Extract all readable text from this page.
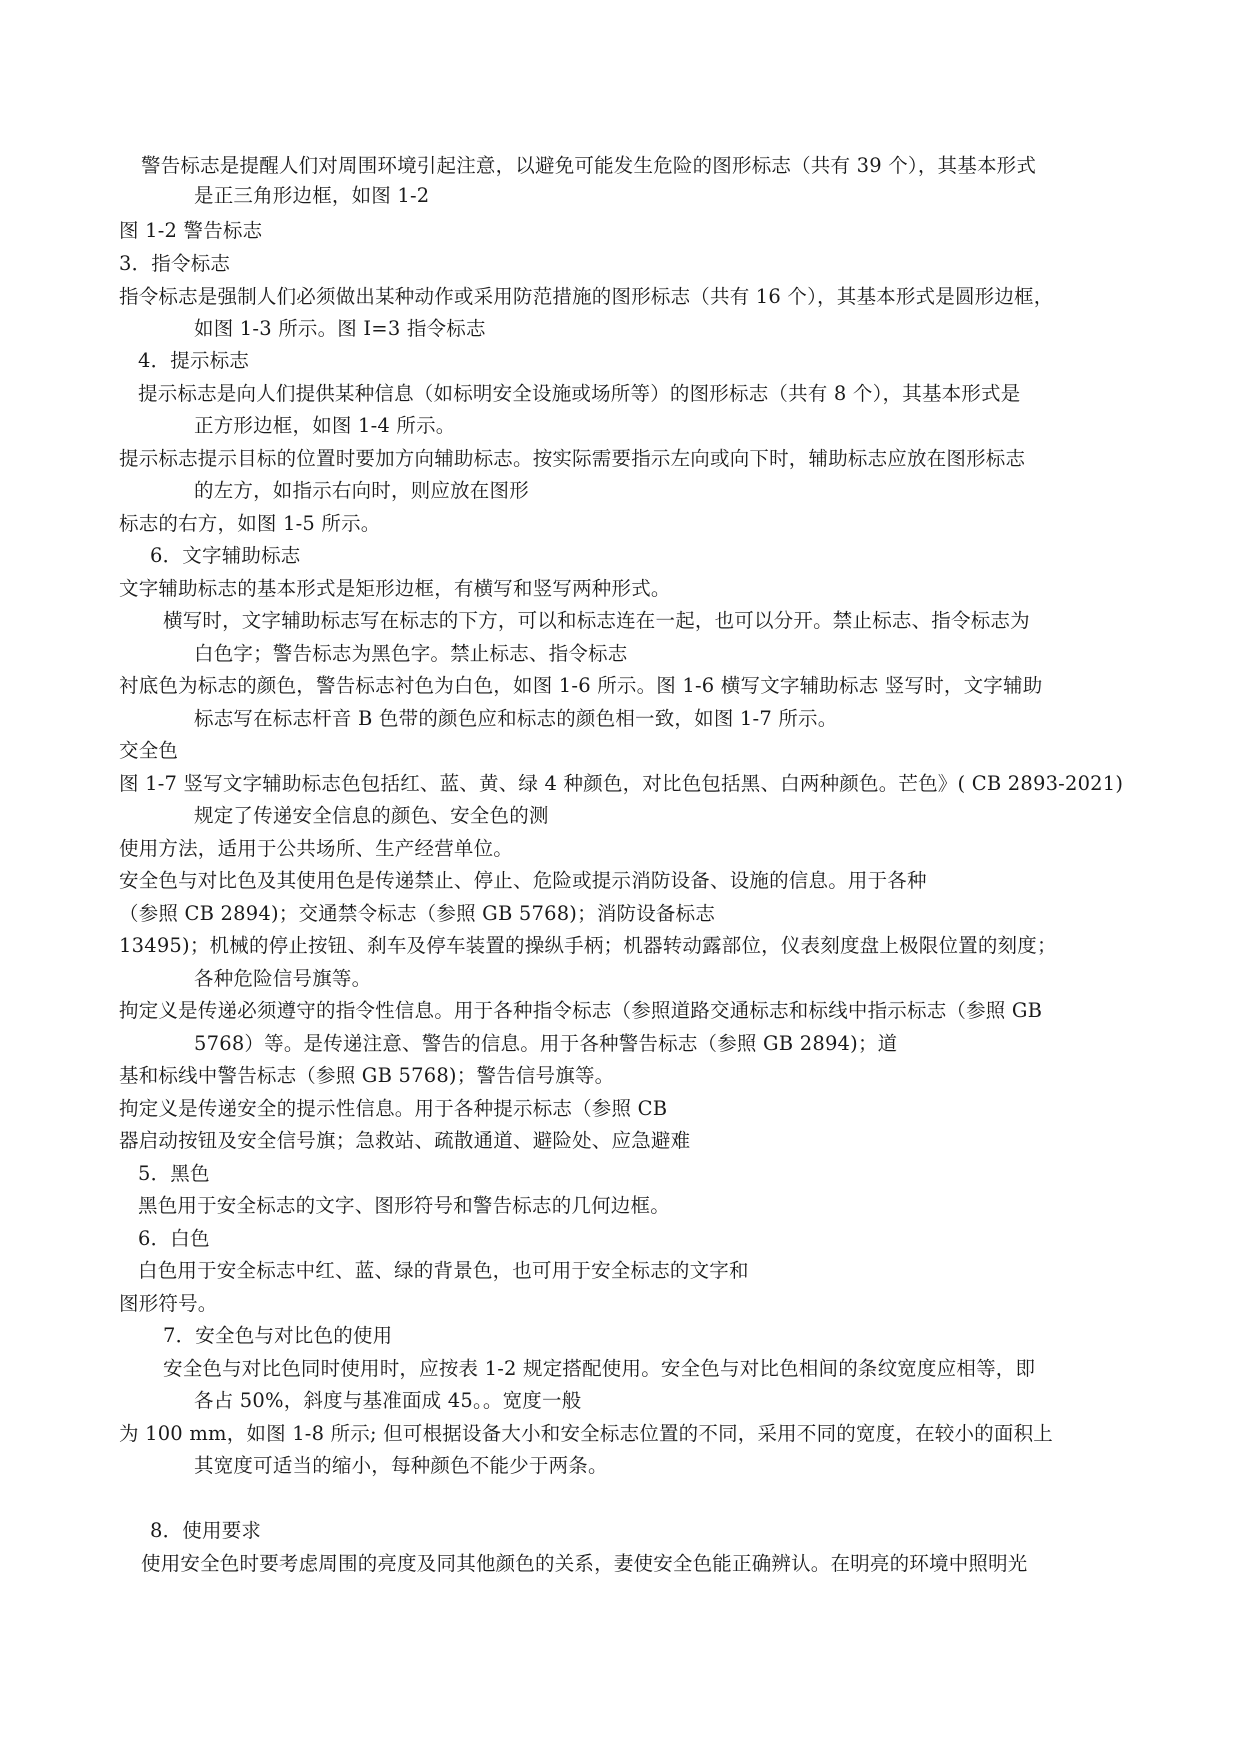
警告标志是提醒人们对周围环境引起注意，以避免可能发生危险的图形标志（共有 39 个），其基本形式
是正三角形边框，如图 1-2
图 1-2 警告标志
3．指令标志
指令标志是强制人们必须做出某种动作或采用防范措施的图形标志（共有 16 个），其基本形式是圆形边框，
如图 1-3 所示。图 I=3 指令标志
4．提示标志
提示标志是向人们提供某种信息（如标明安全设施或场所等）的图形标志（共有 8 个），其基本形式是
正方形边框，如图 1-4 所示。
提示标志提示目标的位置时要加方向辅助标志。按实际需要指示左向或向下时，辅助标志应放在图形标志
的左方，如指示右向时，则应放在图形
标志的右方，如图 1-5 所示。
6．文字辅助标志
文字辅助标志的基本形式是矩形边框，有横写和竖写两种形式。
横写时，文字辅助标志写在标志的下方，可以和标志连在一起，也可以分开。禁止标志、指令标志为
白色字；警告标志为黑色字。禁止标志、指令标志
衬底色为标志的颜色，警告标志衬色为白色，如图 1-6 所示。图 1-6 横写文字辅助标志 竖写时，文字辅助
标志写在标志杆音 B 色带的颜色应和标志的颜色相一致，如图 1-7 所示。
交全色
图 1-7 竖写文字辅助标志色包括红、蓝、黄、绿 4 种颜色，对比色包括黑、白两种颜色。芒色》( CB 2893-2021)
规定了传递安全信息的颜色、安全色的测
使用方法，适用于公共场所、生产经营单位。
安全色与对比色及其使用色是传递禁止、停止、危险或提示消防设备、设施的信息。用于各种
（参照 CB 2894)；交通禁令标志（参照 GB 5768)；消防设备标志
13495)；机械的停止按钮、刹车及停车装置的操纵手柄；机器转动露部位，仪表刻度盘上极限位置的刻度；
各种危险信号旗等。
拘定义是传递必须遵守的指令性信息。用于各种指令标志（参照道路交通标志和标线中指示标志（参照 GB
5768）等。是传递注意、警告的信息。用于各种警告标志（参照 GB 2894)；道
基和标线中警告标志（参照 GB 5768)；警告信号旗等。
拘定义是传递安全的提示性信息。用于各种提示标志（参照 CB
器启动按钮及安全信号旗；急救站、疏散通道、避险处、应急避难
5．黑色
黑色用于安全标志的文字、图形符号和警告标志的几何边框。
6．白色
白色用于安全标志中红、蓝、绿的背景色，也可用于安全标志的文字和
图形符号。
7．安全色与对比色的使用
安全色与对比色同时使用时，应按表 1-2 规定搭配使用。安全色与对比色相间的条纹宽度应相等，即
各占 50%，斜度与基准面成 45。。宽度一般
为 100 mm，如图 1-8 所示; 但可根据设备大小和安全标志位置的不同，采用不同的宽度，在较小的面积上
其宽度可适当的缩小，每种颜色不能少于两条。
8．使用要求
使用安全色时要考虑周围的亮度及同其他颜色的关系，妻使安全色能正确辨认。在明亮的环境中照明光
